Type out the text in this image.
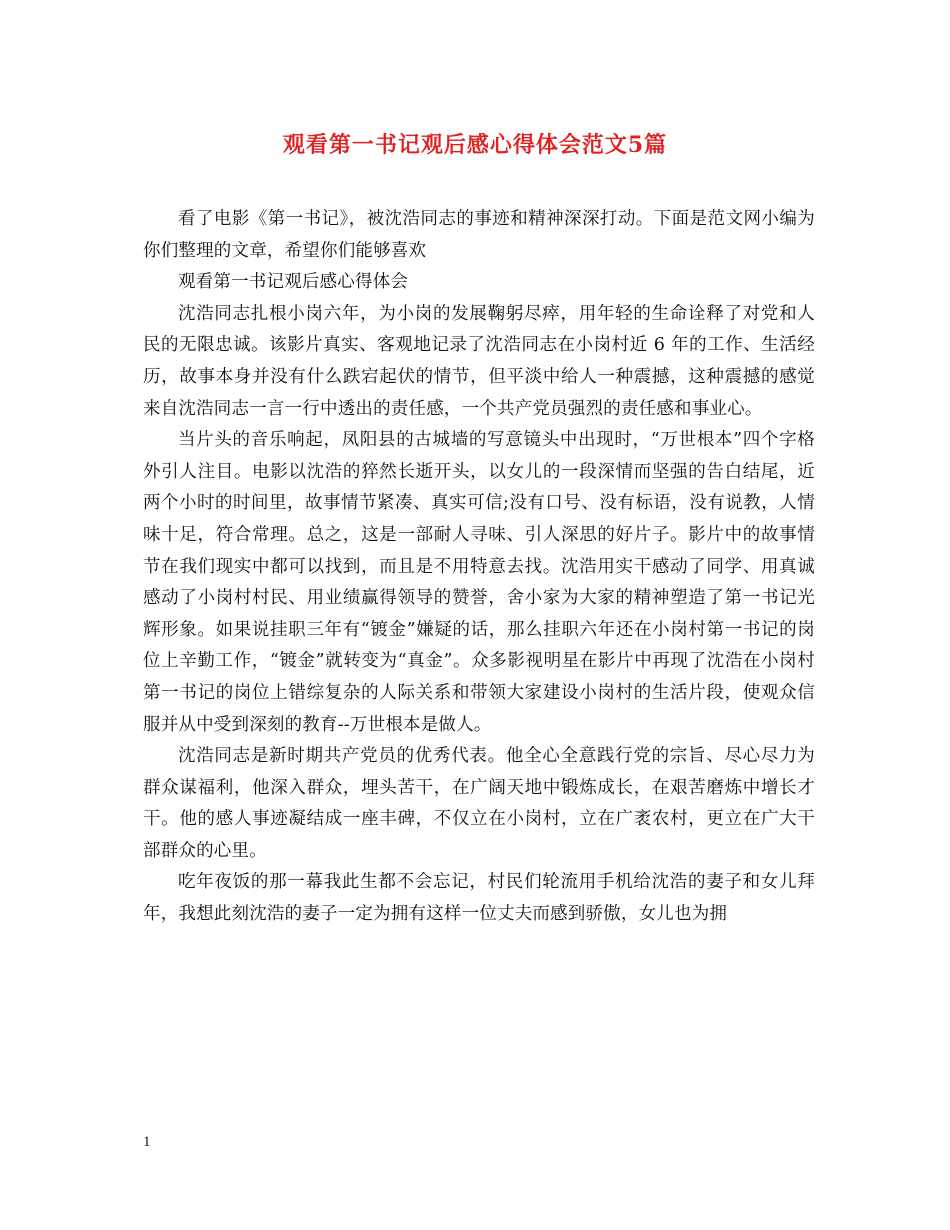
观看第一书记观后感心得体会范文5篇

看了电影《第一书记》，被沈浩同志的事迹和精神深深打动。下面是范文网小编为你们整理的文章，希望你们能够喜欢

观看第一书记观后感心得体会

沈浩同志扎根小岗六年，为小岗的发展鞠躬尽瘁，用年轻的生命诠释了对党和人民的无限忠诚。该影片真实、客观地记录了沈浩同志在小岗村近 6 年的工作、生活经历，故事本身并没有什么跌宕起伏的情节，但平淡中给人一种震撼，这种震撼的感觉来自沈浩同志一言一行中透出的责任感，一个共产党员强烈的责任感和事业心。

当片头的音乐响起，凤阳县的古城墙的写意镜头中出现时，“万世根本”四个字格外引人注目。电影以沈浩的猝然长逝开头，以女儿的一段深情而坚强的告白结尾，近两个小时的时间里，故事情节紧凑、真实可信;没有口号、没有标语，没有说教，人情味十足，符合常理。总之，这是一部耐人寻味、引人深思的好片子。影片中的故事情节在我们现实中都可以找到，而且是不用特意去找。沈浩用实干感动了同学、用真诚感动了小岗村村民、用业绩赢得领导的赞誉，舍小家为大家的精神塑造了第一书记光辉形象。如果说挂职三年有“镀金”嫌疑的话，那么挂职六年还在小岗村第一书记的岗位上辛勤工作，“镀金”就转变为“真金”。众多影视明星在影片中再现了沈浩在小岗村第一书记的岗位上错综复杂的人际关系和带领大家建设小岗村的生活片段，使观众信服并从中受到深刻的教育--万世根本是做人。

沈浩同志是新时期共产党员的优秀代表。他全心全意践行党的宗旨、尽心尽力为群众谋福利，他深入群众，埋头苦干，在广阔天地中锻炼成长，在艰苦磨炼中增长才干。他的感人事迹凝结成一座丰碑，不仅立在小岗村，立在广袤农村，更立在广大干部群众的心里。

吃年夜饭的那一幕我此生都不会忘记，村民们轮流用手机给沈浩的妻子和女儿拜年，我想此刻沈浩的妻子一定为拥有这样一位丈夫而感到骄傲，女儿也为拥

1
